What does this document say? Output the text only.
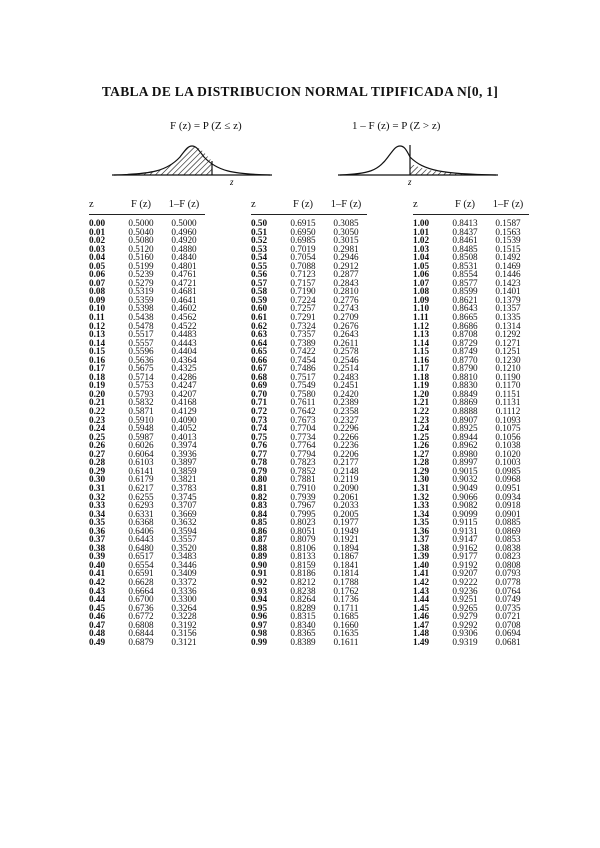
TABLA DE LA DISTRIBUCION NORMAL TIPIFICADA N[0, 1]
F (z) = P (Z ≤ z)	1 – F (z) = P (Z > z)
z	z
z	F (z)	1–F (z)
0.00	0.5000	0.5000
0.01	0.5040	0.4960
0.02	0.5080	0.4920
0.03	0.5120	0.4880
0.04	0.5160	0.4840
0.05	0.5199	0.4801
0.06	0.5239	0.4761
0.07	0.5279	0.4721
0.08	0.5319	0.4681
0.09	0.5359	0.4641
0.10	0.5398	0.4602
0.11	0.5438	0.4562
0.12	0.5478	0.4522
0.13	0.5517	0.4483
0.14	0.5557	0.4443
0.15	0.5596	0.4404
0.16	0.5636	0.4364
0.17	0.5675	0.4325
0.18	0.5714	0.4286
0.19	0.5753	0.4247
0.20	0.5793	0.4207
0.21	0.5832	0.4168
0.22	0.5871	0.4129
0.23	0.5910	0.4090
0.24	0.5948	0.4052
0.25	0.5987	0.4013
0.26	0.6026	0.3974
0.27	0.6064	0.3936
0.28	0.6103	0.3897
0.29	0.6141	0.3859
0.30	0.6179	0.3821
0.31	0.6217	0.3783
0.32	0.6255	0.3745
0.33	0.6293	0.3707
0.34	0.6331	0.3669
0.35	0.6368	0.3632
0.36	0.6406	0.3594
0.37	0.6443	0.3557
0.38	0.6480	0.3520
0.39	0.6517	0.3483
0.40	0.6554	0.3446
0.41	0.6591	0.3409
0.42	0.6628	0.3372
0.43	0.6664	0.3336
0.44	0.6700	0.3300
0.45	0.6736	0.3264
0.46	0.6772	0.3228
0.47	0.6808	0.3192
0.48	0.6844	0.3156
0.49	0.6879	0.3121
z	F (z)	1–F (z)
0.50	0.6915	0.3085
0.51	0.6950	0.3050
0.52	0.6985	0.3015
0.53	0.7019	0.2981
0.54	0.7054	0.2946
0.55	0.7088	0.2912
0.56	0.7123	0.2877
0.57	0.7157	0.2843
0.58	0.7190	0.2810
0.59	0.7224	0.2776
0.60	0.7257	0.2743
0.61	0.7291	0.2709
0.62	0.7324	0.2676
0.63	0.7357	0.2643
0.64	0.7389	0.2611
0.65	0.7422	0.2578
0.66	0.7454	0.2546
0.67	0.7486	0.2514
0.68	0.7517	0.2483
0.69	0.7549	0.2451
0.70	0.7580	0.2420
0.71	0.7611	0.2389
0.72	0.7642	0.2358
0.73	0.7673	0.2327
0.74	0.7704	0.2296
0.75	0.7734	0.2266
0.76	0.7764	0.2236
0.77	0.7794	0.2206
0.78	0.7823	0.2177
0.79	0.7852	0.2148
0.80	0.7881	0.2119
0.81	0.7910	0.2090
0.82	0.7939	0.2061
0.83	0.7967	0.2033
0.84	0.7995	0.2005
0.85	0.8023	0.1977
0.86	0.8051	0.1949
0.87	0.8079	0.1921
0.88	0.8106	0.1894
0.89	0.8133	0.1867
0.90	0.8159	0.1841
0.91	0.8186	0.1814
0.92	0.8212	0.1788
0.93	0.8238	0.1762
0.94	0.8264	0.1736
0.95	0.8289	0.1711
0.96	0.8315	0.1685
0.97	0.8340	0.1660
0.98	0.8365	0.1635
0.99	0.8389	0.1611
z	F (z)	1–F (z)
1.00	0.8413	0.1587
1.01	0.8437	0.1563
1.02	0.8461	0.1539
1.03	0.8485	0.1515
1.04	0.8508	0.1492
1.05	0.8531	0.1469
1.06	0.8554	0.1446
1.07	0.8577	0.1423
1.08	0.8599	0.1401
1.09	0.8621	0.1379
1.10	0.8643	0.1357
1.11	0.8665	0.1335
1.12	0.8686	0.1314
1.13	0.8708	0.1292
1.14	0.8729	0.1271
1.15	0.8749	0.1251
1.16	0.8770	0.1230
1.17	0.8790	0.1210
1.18	0.8810	0.1190
1.19	0.8830	0.1170
1.20	0.8849	0.1151
1.21	0.8869	0.1131
1.22	0.8888	0.1112
1.23	0.8907	0.1093
1.24	0.8925	0.1075
1.25	0.8944	0.1056
1.26	0.8962	0.1038
1.27	0.8980	0.1020
1.28	0.8997	0.1003
1.29	0.9015	0.0985
1.30	0.9032	0.0968
1.31	0.9049	0.0951
1.32	0.9066	0.0934
1.33	0.9082	0.0918
1.34	0.9099	0.0901
1.35	0.9115	0.0885
1.36	0.9131	0.0869
1.37	0.9147	0.0853
1.38	0.9162	0.0838
1.39	0.9177	0.0823
1.40	0.9192	0.0808
1.41	0.9207	0.0793
1.42	0.9222	0.0778
1.43	0.9236	0.0764
1.44	0.9251	0.0749
1.45	0.9265	0.0735
1.46	0.9279	0.0721
1.47	0.9292	0.0708
1.48	0.9306	0.0694
1.49	0.9319	0.0681
